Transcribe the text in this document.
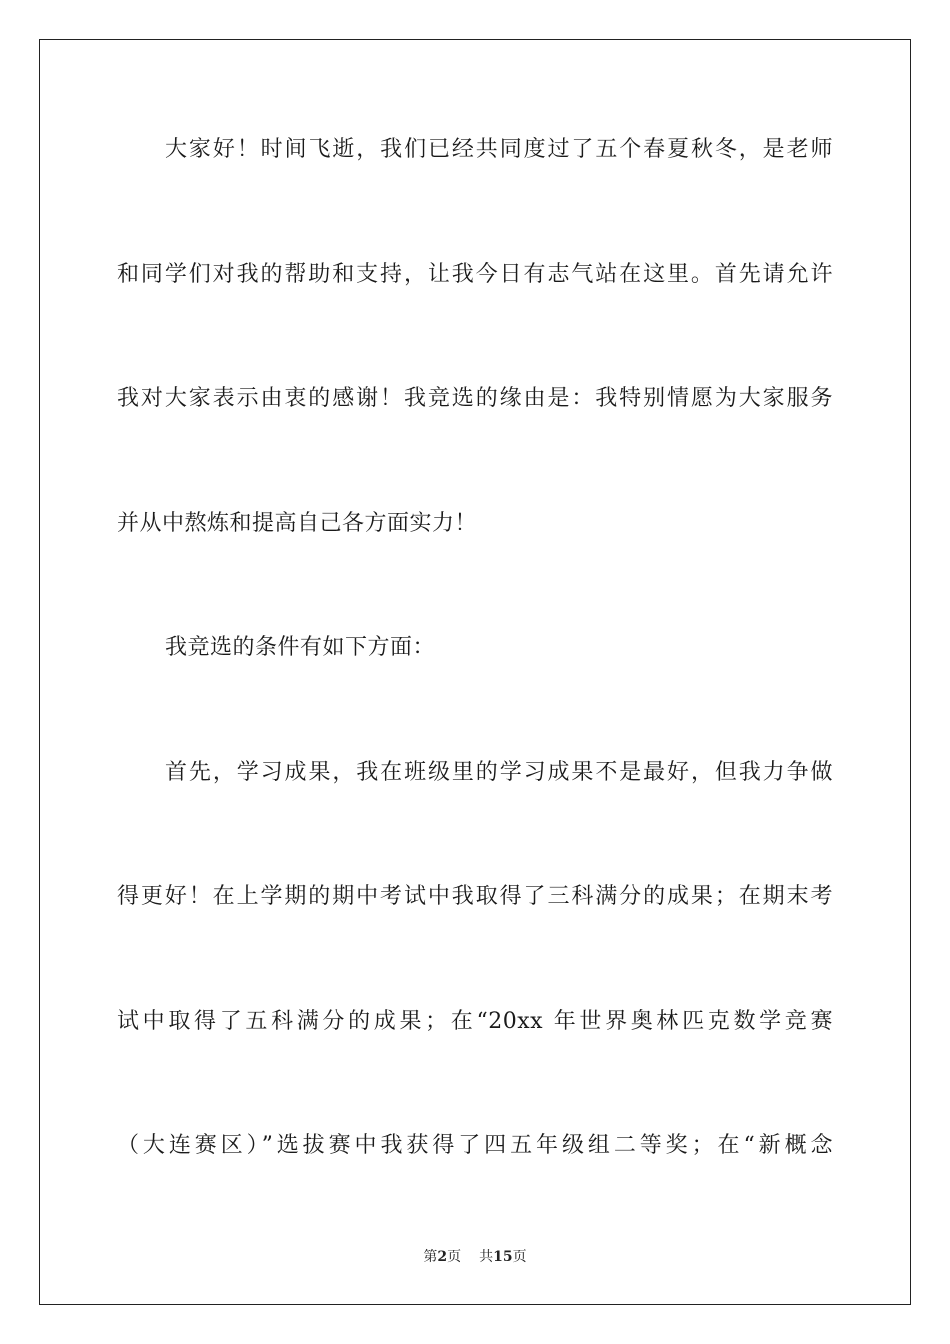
大家好！时间飞逝，我们已经共同度过了五个春夏秋冬，是老师
和同学们对我的帮助和支持，让我今日有志气站在这里。首先请允许
我对大家表示由衷的感谢！我竞选的缘由是：我特别情愿为大家服务
并从中熬炼和提高自己各方面实力！
我竞选的条件有如下方面：
首先，学习成果，我在班级里的学习成果不是最好，但我力争做
得更好！在上学期的期中考试中我取得了三科满分的成果；在期末考
试中取得了五科满分的成果；在“20xx 年世界奥林匹克数学竞赛
（大连赛区）”选拔赛中我获得了四五年级组二等奖；在“新概念
第2页 共15页
